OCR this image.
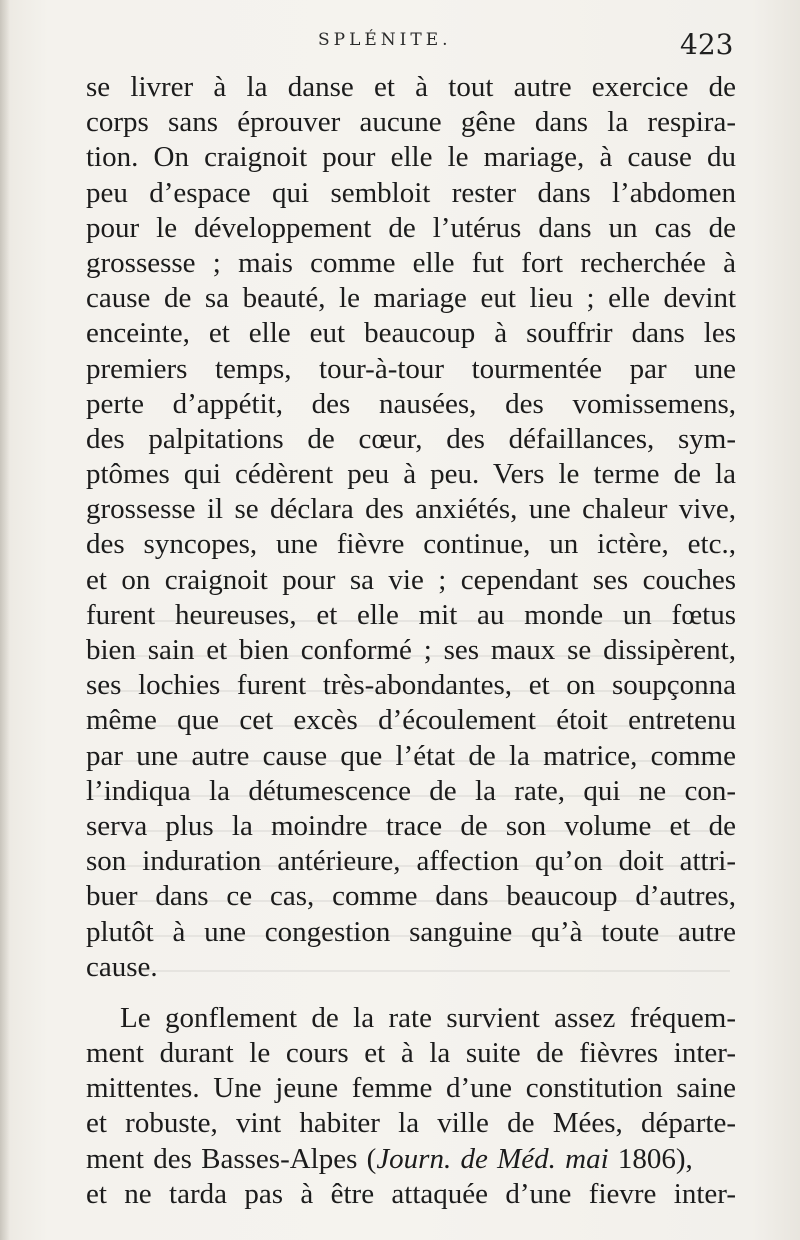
SPLÉNITE.	423
se livrer à la danse et à tout autre exercice de
corps sans éprouver aucune gêne dans la respira-
tion. On craignoit pour elle le mariage, à cause du
peu d’espace qui sembloit rester dans l’abdomen
pour le développement de l’utérus dans un cas de
grossesse ; mais comme elle fut fort recherchée à
cause de sa beauté, le mariage eut lieu ; elle devint
enceinte, et elle eut beaucoup à souffrir dans les
premiers temps, tour-à-tour tourmentée par une
perte d’appétit, des nausées, des vomissemens,
des palpitations de cœur, des défaillances, sym-
ptômes qui cédèrent peu à peu. Vers le terme de la
grossesse il se déclara des anxiétés, une chaleur vive,
des syncopes, une fièvre continue, un ictère, etc.,
et on craignoit pour sa vie ; cependant ses couches
furent heureuses, et elle mit au monde un fœtus
bien sain et bien conformé ; ses maux se dissipèrent,
ses lochies furent très-abondantes, et on soupçonna
même que cet excès d’écoulement étoit entretenu
par une autre cause que l’état de la matrice, comme
l’indiqua la détumescence de la rate, qui ne con-
serva plus la moindre trace de son volume et de
son induration antérieure, affection qu’on doit attri-
buer dans ce cas, comme dans beaucoup d’autres,
plutôt à une congestion sanguine qu’à toute autre
cause.
Le gonflement de la rate survient assez fréquem-
ment durant le cours et à la suite de fièvres inter-
mittentes. Une jeune femme d’une constitution saine
et robuste, vint habiter la ville de Mées, départe-
ment des Basses-Alpes (Journ. de Méd. mai 1806),
et ne tarda pas à être attaquée d’une fievre inter-
